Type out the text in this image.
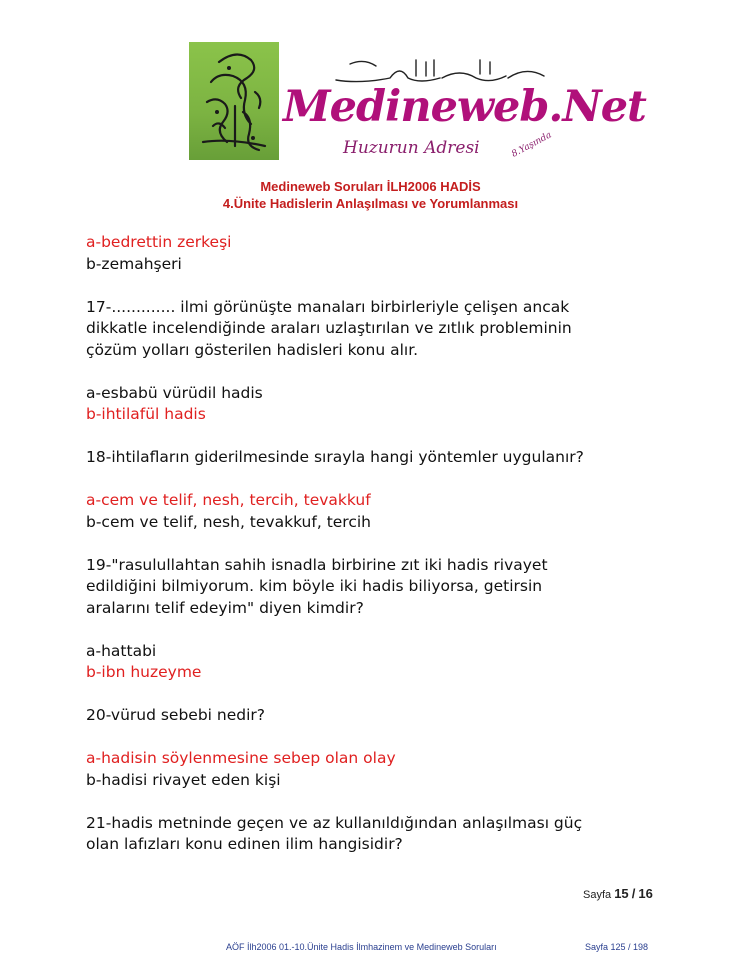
Medineweb.Net
Huzurun Adresi	8.Yaşında
Medineweb Soruları İLH2006 HADİS
4.Ünite Hadislerin Anlaşılması ve Yorumlanması

a-bedrettin zerkeşi

b-zemahşeri

17-............. ilmi görünüşte manaları birbirleriyle çelişen ancak

dikkatle incelendiğinde araları uzlaştırılan ve zıtlık probleminin

çözüm yolları gösterilen hadisleri konu alır.

a-esbabü vürüdil hadis

b-ihtilafül hadis

18-ihtilafların giderilmesinde sırayla hangi yöntemler uygulanır?

a-cem ve telif, nesh, tercih, tevakkuf

b-cem ve telif, nesh, tevakkuf, tercih

19-"rasulullahtan sahih isnadla birbirine zıt iki hadis rivayet

edildiğini bilmiyorum. kim böyle iki hadis biliyorsa, getirsin

aralarını telif edeyim" diyen kimdir?

a-hattabi

b-ibn huzeyme

20-vürud sebebi nedir?

a-hadisin söylenmesine sebep olan olay

b-hadisi rivayet eden kişi

21-hadis metninde geçen ve az kullanıldığından anlaşılması güç

olan lafızları konu edinen ilim hangisidir?

Sayfa 15 / 16
AÖF İlh2006 01.-10.Ünite Hadis İlmhazinem ve Medineweb Soruları	Sayfa 125 / 198
